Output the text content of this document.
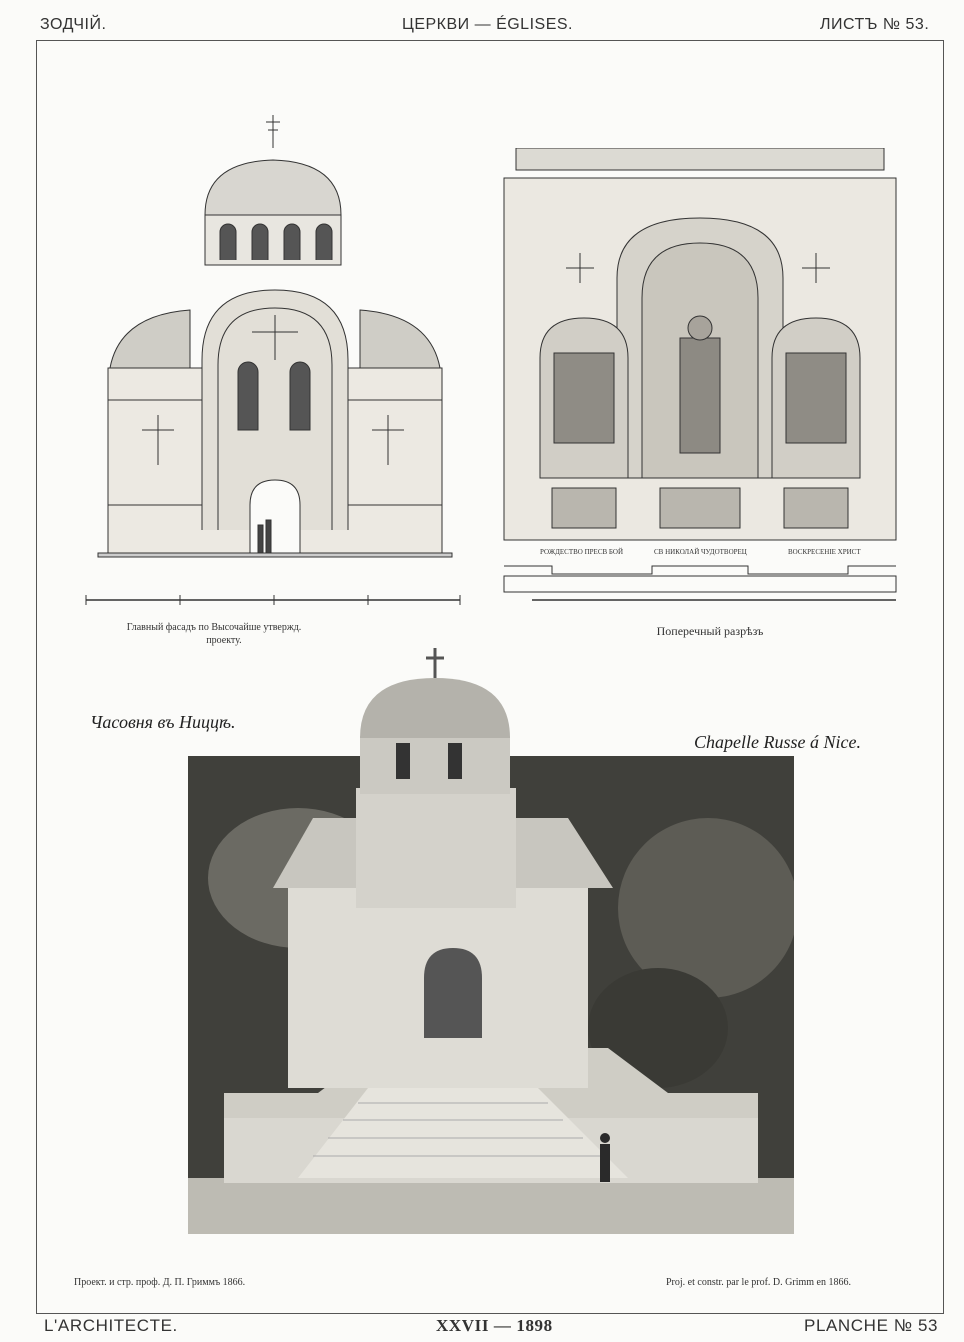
ЗОДЧІЙ.	ЦЕРКВИ — ÉGLISES.	ЛИСТЪ № 53.
Главный фасадъ по Высочайше утвержд.
проекту.
РОЖДЕСТВО ПРЕСВ БОЙ	СВ НИКОЛАЙ ЧУДОТВОРЕЦ	ВОСКРЕСЕНІЕ ХРИСТ
Поперечный разрѣзъ
Часовня въ Ниццѣ.
Chapelle Russe á Nice.
Проект. и стр. проф. Д. П. Гриммъ 1866.	Proj. et constr. par le prof. D. Grimm en 1866.
L'ARCHITECTE.	XXVII — 1898	PLANCHE № 53
